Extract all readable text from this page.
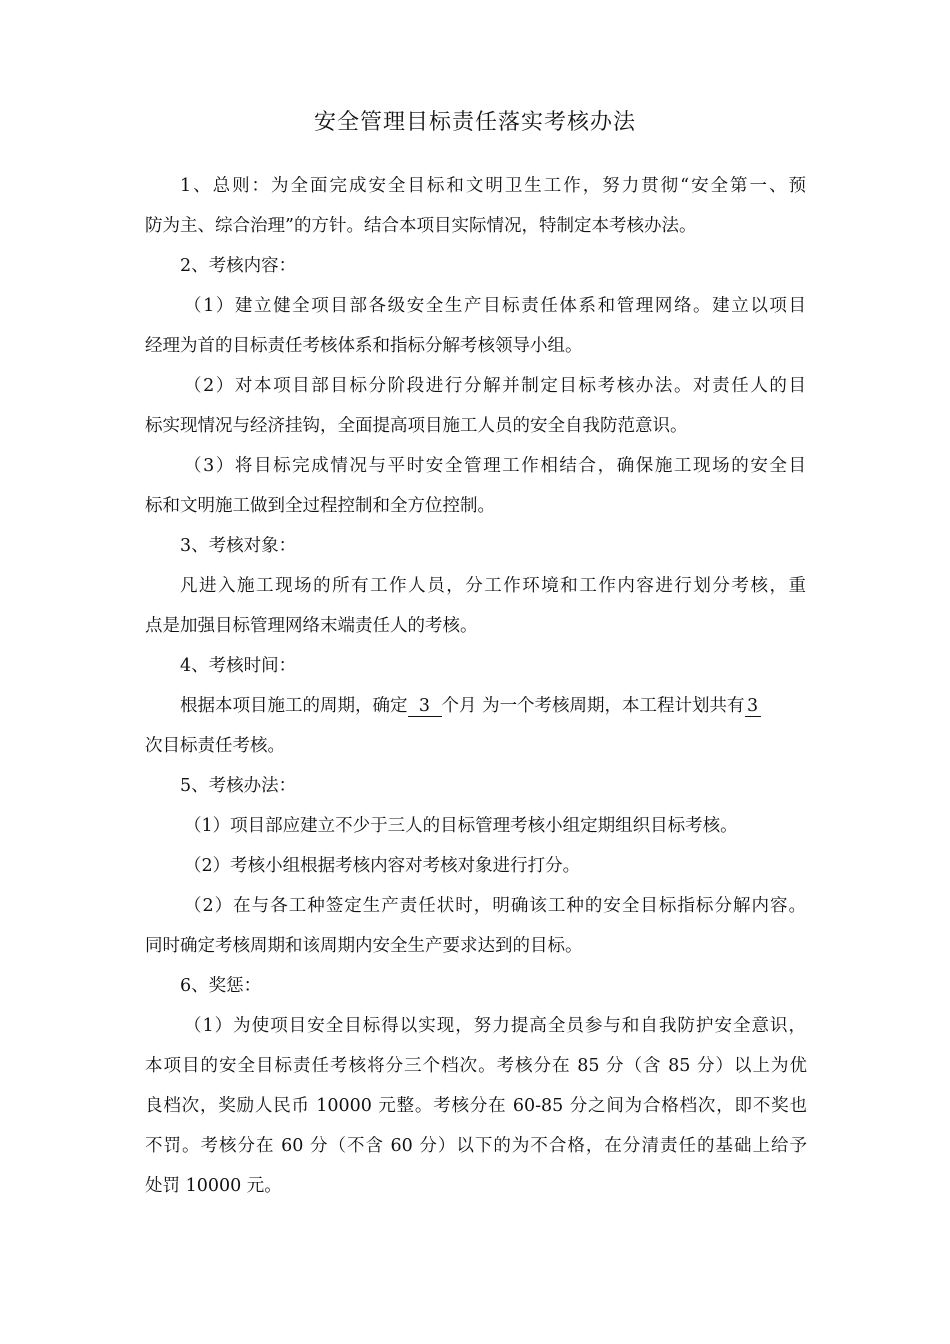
安全管理目标责任落实考核办法
1、总则：为全面完成安全目标和文明卫生工作，努力贯彻“安全第一、预
防为主、综合治理”的方针。结合本项目实际情况，特制定本考核办法。
2、考核内容：
（1）建立健全项目部各级安全生产目标责任体系和管理网络。建立以项目
经理为首的目标责任考核体系和指标分解考核领导小组。
（2）对本项目部目标分阶段进行分解并制定目标考核办法。对责任人的目
标实现情况与经济挂钩，全面提高项目施工人员的安全自我防范意识。
（3）将目标完成情况与平时安全管理工作相结合，确保施工现场的安全目
标和文明施工做到全过程控制和全方位控制。
3、考核对象：
凡进入施工现场的所有工作人员，分工作环境和工作内容进行划分考核，重
点是加强目标管理网络末端责任人的考核。
4、考核时间：
根据本项目施工的周期，确定 3 个月 为一个考核周期，本工程计划共有 3
次目标责任考核。
5、考核办法：
（1）项目部应建立不少于三人的目标管理考核小组定期组织目标考核。
（2）考核小组根据考核内容对考核对象进行打分。
（2）在与各工种签定生产责任状时，明确该工种的安全目标指标分解内容。
同时确定考核周期和该周期内安全生产要求达到的目标。
6、奖惩：
（1）为使项目安全目标得以实现，努力提高全员参与和自我防护安全意识，
本项目的安全目标责任考核将分三个档次。考核分在 85 分（含 85 分）以上为优
良档次，奖励人民币 10000 元整。考核分在 60-85 分之间为合格档次，即不奖也
不罚。考核分在 60 分（不含 60 分）以下的为不合格，在分清责任的基础上给予
处罚 10000 元。
